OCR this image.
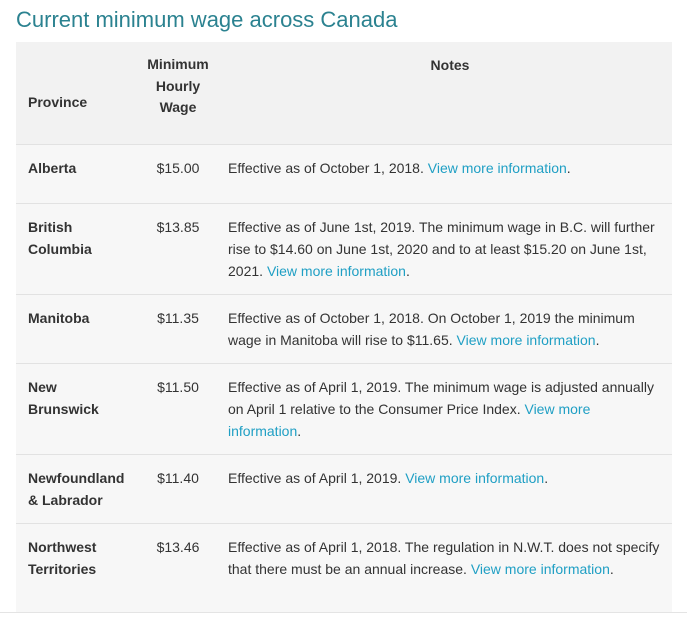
Current minimum wage across Canada
Province	Minimum
Hourly
Wage	Notes
Alberta	$15.00	Effective as of October 1, 2018. View more information.
British Columbia	$13.85	Effective as of June 1st, 2019. The minimum wage in B.C. will further rise to $14.60 on June 1st, 2020 and to at least $15.20 on June 1st, 2021. View more information.
Manitoba	$11.35	Effective as of October 1, 2018. On October 1, 2019 the minimum wage in Manitoba will rise to $11.65. View more information.
New Brunswick	$11.50	Effective as of April 1, 2019. The minimum wage is adjusted annually on April 1 relative to the Consumer Price Index. View more information.
Newfoundland & Labrador	$11.40	Effective as of April 1, 2019. View more information.
Northwest Territories	$13.46	Effective as of April 1, 2018. The regulation in N.W.T. does not specify that there must be an annual increase. View more information.
